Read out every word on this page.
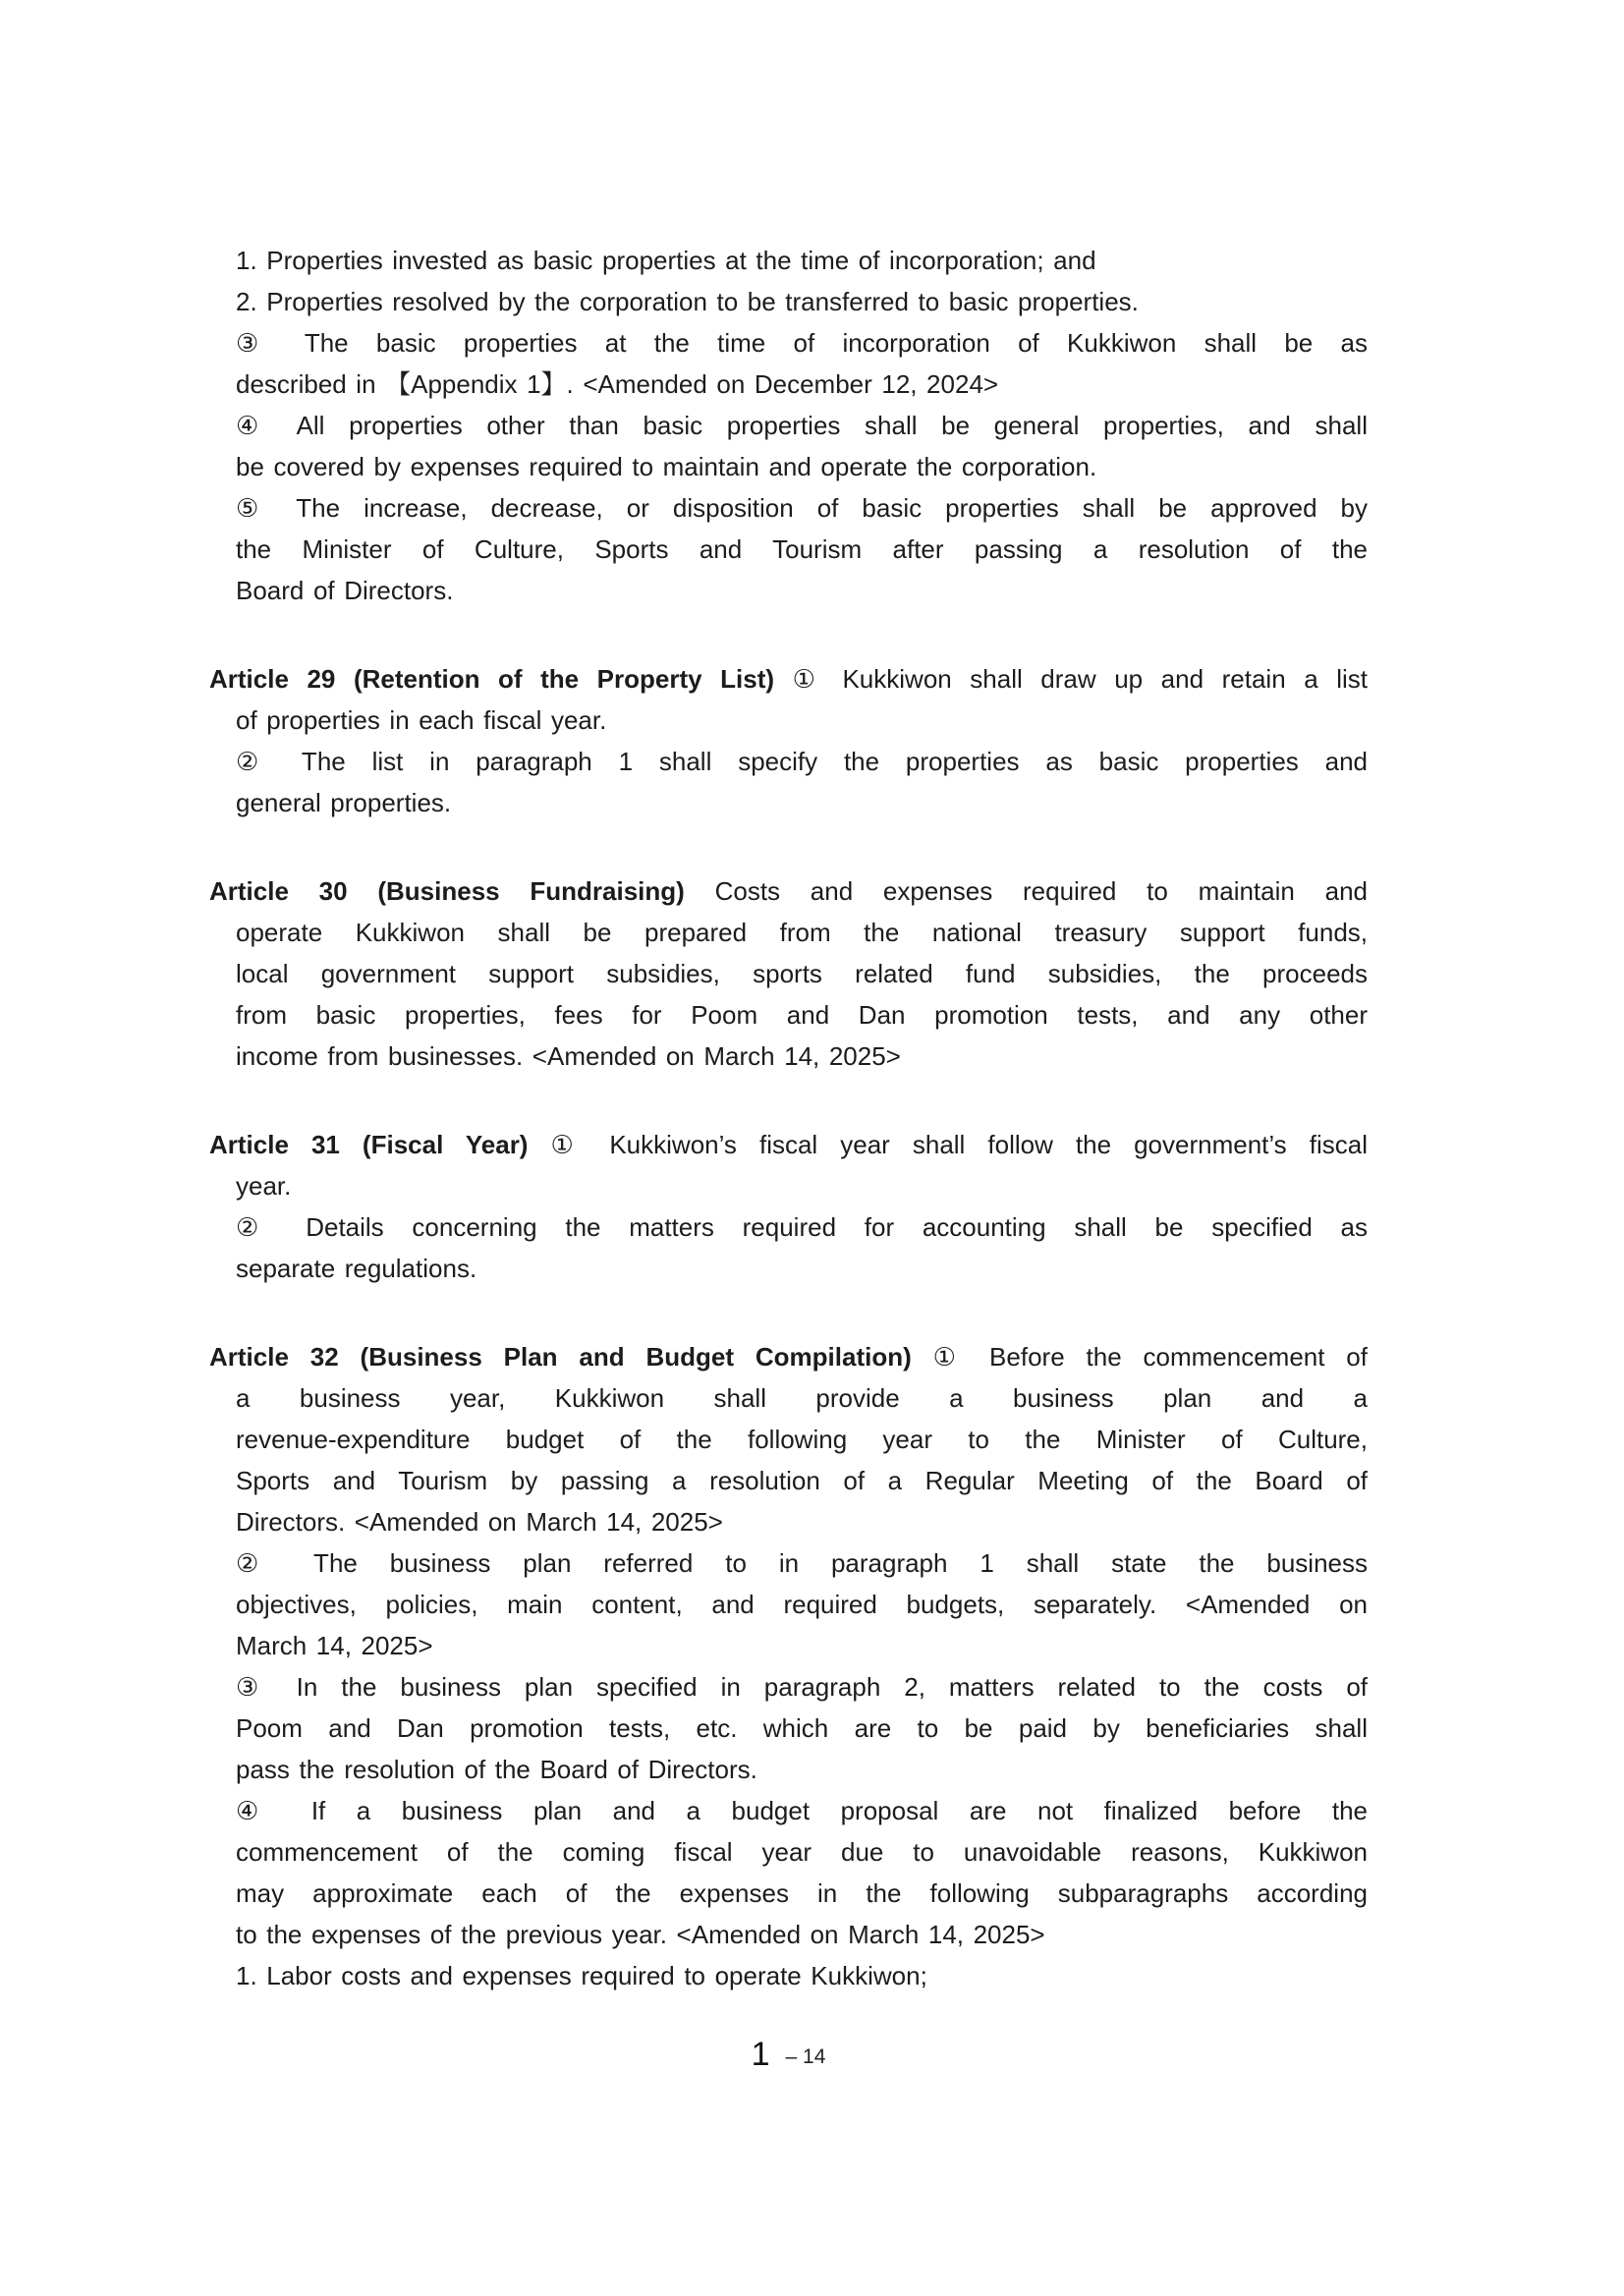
1. Properties invested as basic properties at the time of incorporation; and
2. Properties resolved by the corporation to be transferred to basic properties.
③ The basic properties at the time of incorporation of Kukkiwon shall be as
described in 【Appendix 1】. <Amended on December 12, 2024>
④ All properties other than basic properties shall be general properties, and shall
be covered by expenses required to maintain and operate the corporation.
⑤ The increase, decrease, or disposition of basic properties shall be approved by
the Minister of Culture, Sports and Tourism after passing a resolution of the
Board of Directors.
Article 29 (Retention of the Property List) ① Kukkiwon shall draw up and retain a list
of properties in each fiscal year.
② The list in paragraph 1 shall specify the properties as basic properties and
general properties.
Article 30 (Business Fundraising) Costs and expenses required to maintain and
operate Kukkiwon shall be prepared from the national treasury support funds,
local government support subsidies, sports related fund subsidies, the proceeds
from basic properties, fees for Poom and Dan promotion tests, and any other
income from businesses. <Amended on March 14, 2025>
Article 31 (Fiscal Year) ① Kukkiwon’s fiscal year shall follow the government’s fiscal
year.
② Details concerning the matters required for accounting shall be specified as
separate regulations.
Article 32 (Business Plan and Budget Compilation) ① Before the commencement of
a business year, Kukkiwon shall provide a business plan and a
revenue-expenditure budget of the following year to the Minister of Culture,
Sports and Tourism by passing a resolution of a Regular Meeting of the Board of
Directors. <Amended on March 14, 2025>
② The business plan referred to in paragraph 1 shall state the business
objectives, policies, main content, and required budgets, separately. <Amended on
March 14, 2025>
③ In the business plan specified in paragraph 2, matters related to the costs of
Poom and Dan promotion tests, etc. which are to be paid by beneficiaries shall
pass the resolution of the Board of Directors.
④ If a business plan and a budget proposal are not finalized before the
commencement of the coming fiscal year due to unavoidable reasons, Kukkiwon
may approximate each of the expenses in the following subparagraphs according
to the expenses of the previous year. <Amended on March 14, 2025>
1. Labor costs and expenses required to operate Kukkiwon;
1 – 14
